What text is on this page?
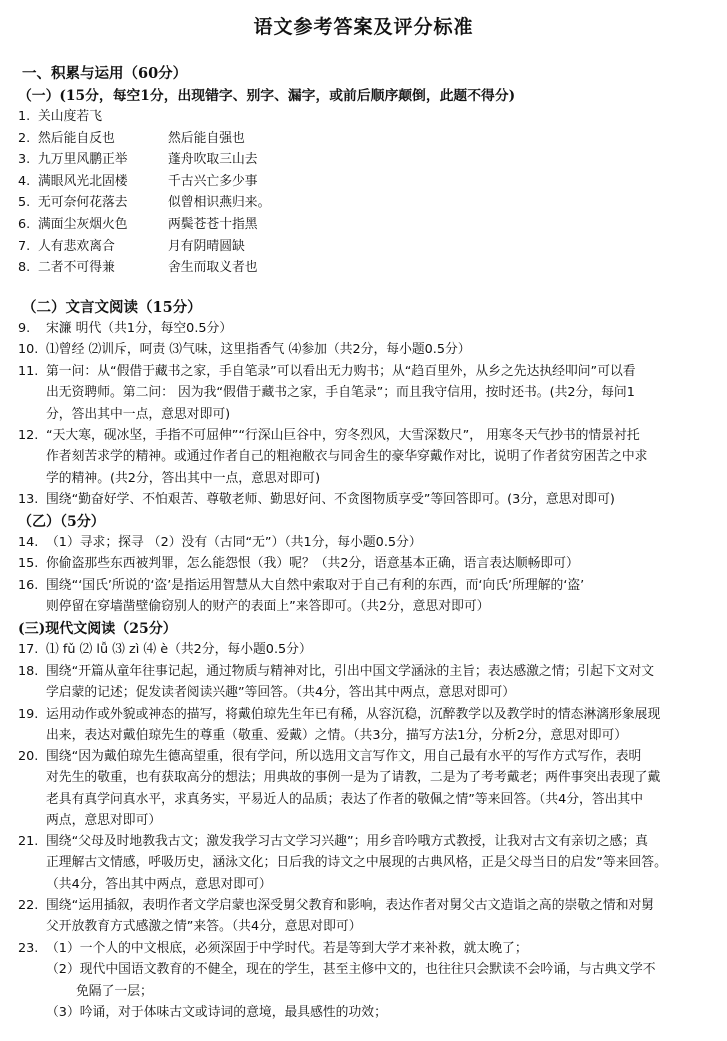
语文参考答案及评分标准
一、积累与运用（60分）
（一）(15分，每空1分，出现错字、别字、漏字，或前后顺序颠倒，此题不得分)
1. 关山度若飞
2. 然后能自反也	然后能自强也
3. 九万里风鹏正举	蓬舟吹取三山去
4. 满眼风光北固楼	千古兴亡多少事
5. 无可奈何花落去	似曾相识燕归来。
6. 满面尘灰烟火色	两鬓苍苍十指黑
7. 人有悲欢离合	月有阴晴圆缺
8. 二者不可得兼	舍生而取义者也
（二）文言文阅读（15分）
9. 宋濂 明代（共1分，每空0.5分）
10. ⑴曾经 ⑵训斥，呵责 ⑶气味，这里指香气 ⑷参加（共2分，每小题0.5分）
11. 第一问：从“假借于藏书之家，手自笔录”可以看出无力购书；从“趋百里外，从乡之先达执经叩问”可以看
出无资聘师。第二问： 因为我“假借于藏书之家，手自笔录”；而且我守信用，按时还书。(共2分，每问1
分，答出其中一点，意思对即可)
12. “天大寒，砚冰坚，手指不可屈伸”“行深山巨谷中，穷冬烈风，大雪深数尺”， 用寒冬天气抄书的情景衬托
作者刻苦求学的精神。或通过作者自己的粗袍敝衣与同舍生的豪华穿戴作对比，说明了作者贫穷困苦之中求
学的精神。(共2分，答出其中一点，意思对即可)
13. 围绕“勤奋好学、不怕艰苦、尊敬老师、勤思好问、不贪图物质享受”等回答即可。(3分，意思对即可)
（乙）（5分）
14. （1）寻求；探寻 （2）没有（古同“无”）（共1分，每小题0.5分）
15. 你偷盗那些东西被判罪，怎么能怨恨（我）呢？（共2分，语意基本正确，语言表达顺畅即可）
16. 围绕“‘国氏’所说的‘盗’是指运用智慧从大自然中索取对于自己有利的东西，而‘向氏’所理解的‘盗’
则停留在穿墙凿壁偷窃别人的财产的表面上”来答即可。（共2分，意思对即可）
(三)现代文阅读（25分）
17. ⑴ fǔ ⑵ lǚ ⑶ zì ⑷ è（共2分，每小题0.5分）
18. 围绕“开篇从童年往事记起，通过物质与精神对比，引出中国文学涵泳的主旨；表达感激之情；引起下文对文
学启蒙的记述；促发读者阅读兴趣”等回答。（共4分，答出其中两点，意思对即可）
19. 运用动作或外貌或神态的描写，将戴伯琼先生年已有稀，从容沉稳，沉醉教学以及教学时的情态淋漓形象展现
出来，表达对戴伯琼先生的尊重（敬重、爱戴）之情。（共3分，描写方法1分，分析2分，意思对即可）
20. 围绕“因为戴伯琼先生德高望重，很有学问，所以选用文言写作文，用自己最有水平的写作方式写作，表明
对先生的敬重，也有获取高分的想法；用典故的事例一是为了请教，二是为了考考戴老；两件事突出表现了戴
老具有真学问真水平，求真务实，平易近人的品质；表达了作者的敬佩之情”等来回答。（共4分，答出其中
两点，意思对即可）
21. 围绕“父母及时地教我古文；激发我学习古文学习兴趣”；用乡音吟哦方式教授，让我对古文有亲切之感；真
正理解古文情感，呼吸历史，涵泳文化；日后我的诗文之中展现的古典风格，正是父母当日的启发”等来回答。
（共4分，答出其中两点，意思对即可）
22. 围绕“运用插叙，表明作者文学启蒙也深受舅父教育和影响，表达作者对舅父古文造诣之高的崇敬之情和对舅
父开放教育方式感激之情”来答。（共4分，意思对即可）
23. （1）一个人的中文根底，必须深固于中学时代。若是等到大学才来补救，就太晚了；
（2）现代中国语文教育的不健全，现在的学生，甚至主修中文的，也往往只会默读不会吟诵，与古典文学不
免隔了一层；
（3）吟诵，对于体味古文或诗词的意境，最具感性的功效；
